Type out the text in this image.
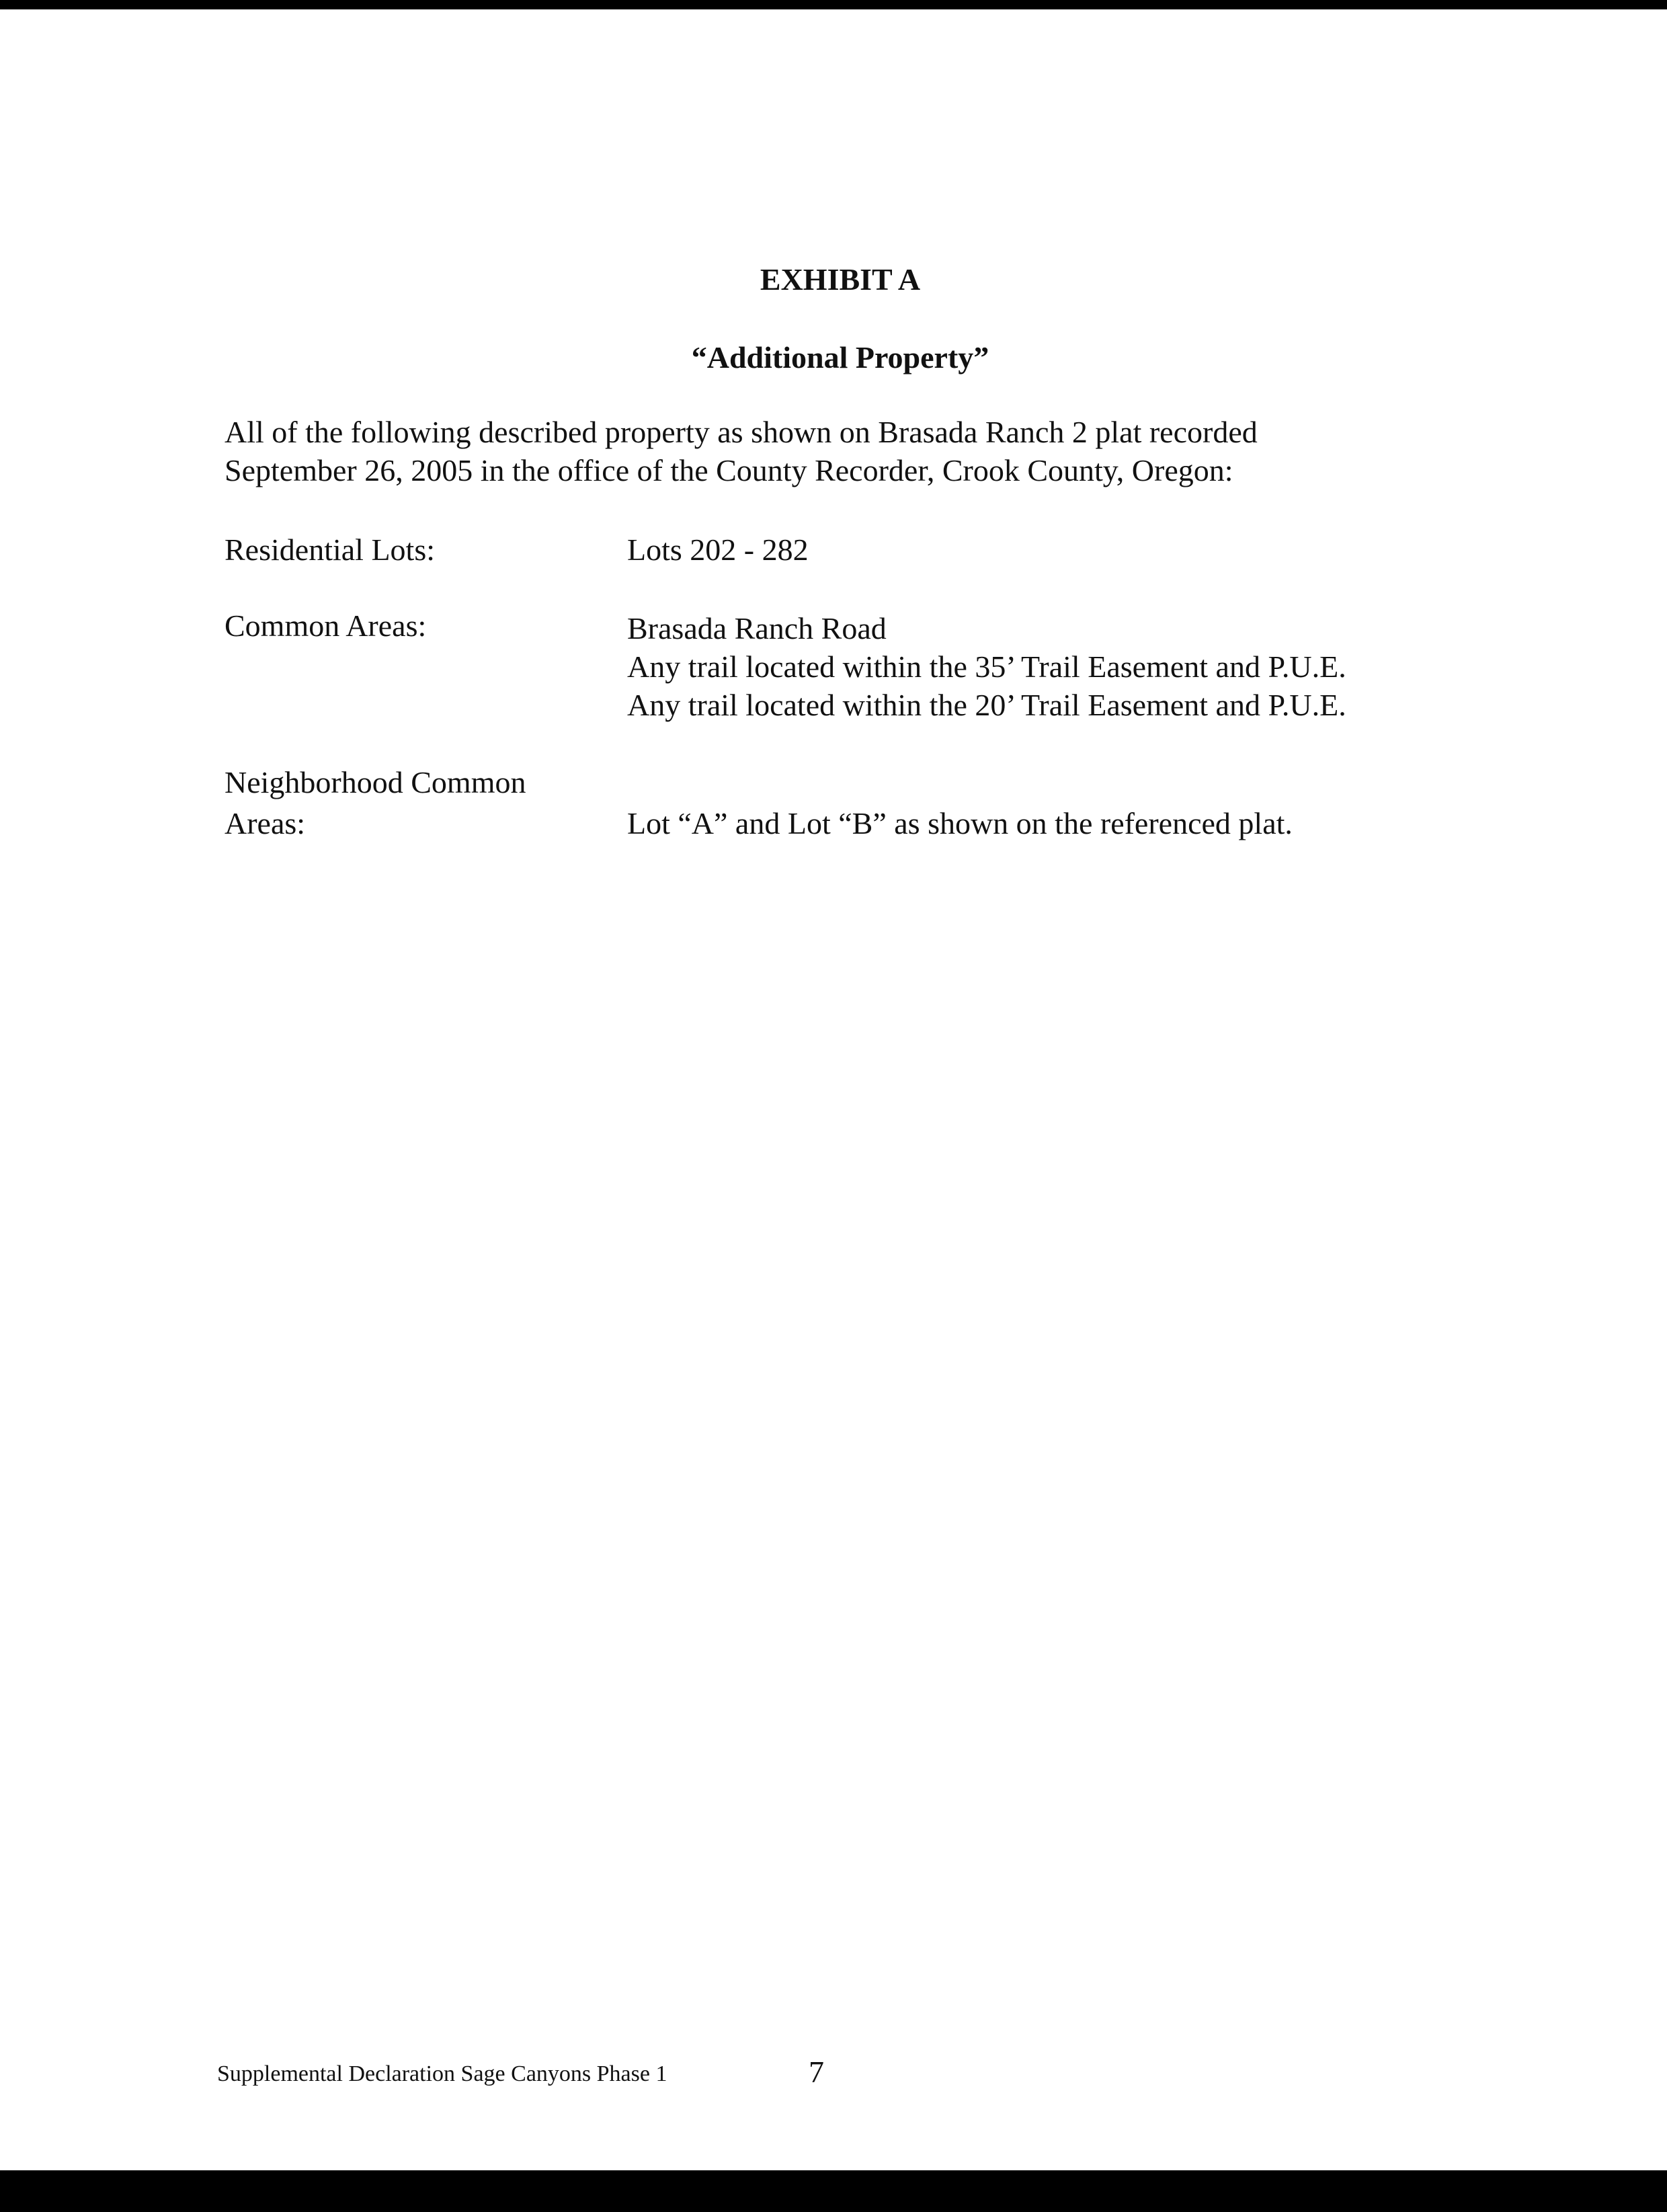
EXHIBIT A
“Additional Property”

All of the following described property as shown on Brasada Ranch 2 plat recorded
September 26, 2005 in the office of the County Recorder, Crook County, Oregon:

Residential Lots:	Lots 202 - 282
Common Areas:	Brasada Ranch Road
Any trail located within the 35’ Trail Easement and P.U.E.
Any trail located within the 20’ Trail Easement and P.U.E.
Neighborhood Common
Areas:	Lot “A” and Lot “B” as shown on the referenced plat.
Supplemental Declaration Sage Canyons Phase 1	7
